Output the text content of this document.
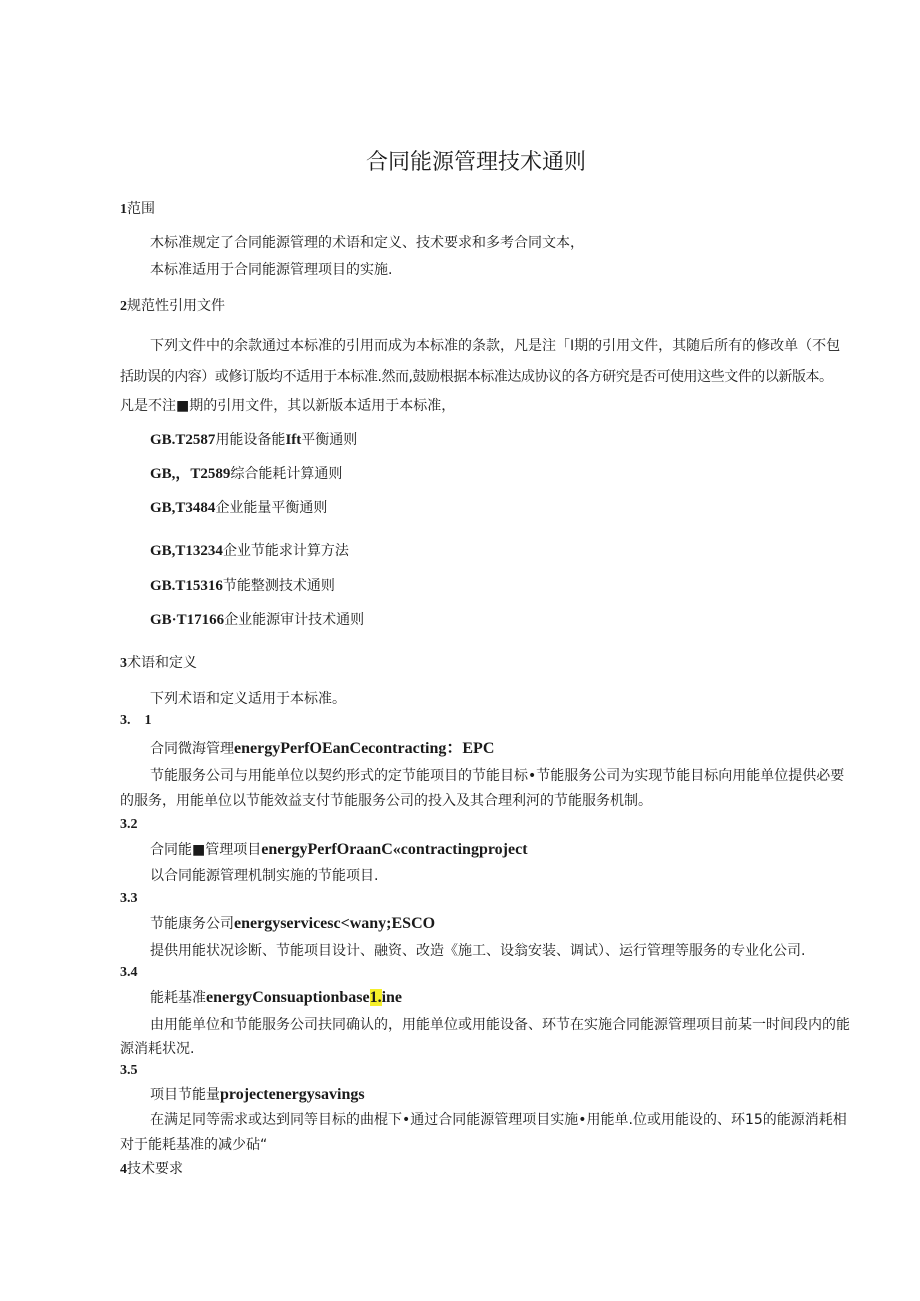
合同能源管理技术通则
1范围
木标准规定了合同能源管理的术语和定义、技术要求和多考合同文本，
本标准适用于合同能源管理项目的实施.
2规范性引用文件
下列文件中的余款通过本标准的引用而成为本标准的条款，凡是注「I期的引用文件，其随后所有的修改单（不包
括助误的内容）或修订版均不适用于本标准.然而,鼓励根据本标准达成协议的各方研究是否可使用这些文件的以新版本。
凡是不注■期的引用文件，其以新版本适用于本标准，
GB.T2587用能设备能Ift平衡通则
GB,，T2589综合能耗计算通则
GB,T3484企业能量平衡通则
GB,T13234企业节能求计算方法
GB.T15316节能整测技术通则
GB·T17166企业能源审计技术通则
3术语和定义
下列术语和定义适用于本标准。
3.　1
合同微海管理energyPerfOEanCecontracting：EPC
节能服务公司与用能单位以契约形式的定节能项目的节能目标•节能服务公司为实现节能目标向用能单位提供必要
的服务，用能单位以节能效益支付节能服务公司的投入及其合理利河的节能服务机制。
3.2
合同能■管理项目energyPerfOraanC«contractingproject
以合同能源管理机制实施的节能项目.
3.3
节能康务公司energyservicesc<wany;ESCO
提供用能状况诊断、节能项目设计、融资、改造《施工、设翁安装、调试）、运行管理等服务的专业化公司.
3.4
能耗基准energyConsuaptionbase1.ine
由用能单位和节能服务公司扶同确认的，用能单位或用能设备、环节在实施合同能源管理项目前某一时间段内的能
源消耗状况.
3.5
项目节能量projectenergysavings
在满足同等需求或达到同等目标的曲棍下•通过合同能源管理项目实施•用能单.位或用能设的、环15的能源消耗相
对于能耗基准的减少砧“
4技术要求
